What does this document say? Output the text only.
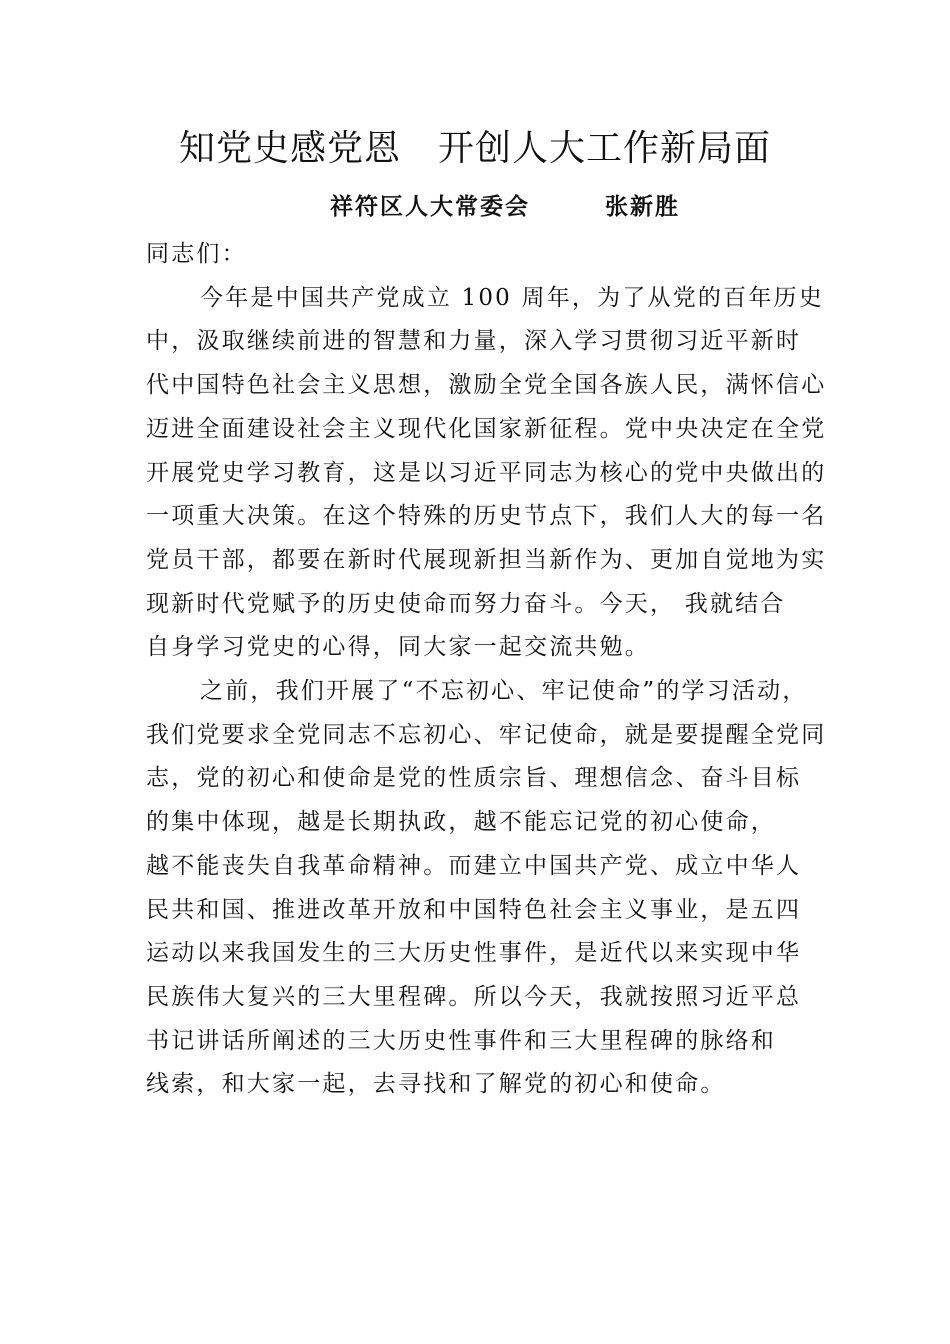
知党史感党恩　开创人大工作新局面
祥符区人大常委会　　　张新胜
同志们：
今年是中国共产党成立 100 周年，为了从党的百年历史
中，汲取继续前进的智慧和力量，深入学习贯彻习近平新时
代中国特色社会主义思想，激励全党全国各族人民，满怀信心
迈进全面建设社会主义现代化国家新征程。党中央决定在全党
开展党史学习教育，这是以习近平同志为核心的党中央做出的
一项重大决策。在这个特殊的历史节点下，我们人大的每一名
党员干部，都要在新时代展现新担当新作为、更加自觉地为实
现新时代党赋予的历史使命而努力奋斗。今天， 我就结合
自身学习党史的心得，同大家一起交流共勉。
之前，我们开展了“不忘初心、牢记使命”的学习活动，
我们党要求全党同志不忘初心、牢记使命，就是要提醒全党同
志，党的初心和使命是党的性质宗旨、理想信念、奋斗目标
的集中体现，越是长期执政，越不能忘记党的初心使命，
越不能丧失自我革命精神。而建立中国共产党、成立中华人
民共和国、推进改革开放和中国特色社会主义事业，是五四
运动以来我国发生的三大历史性事件，是近代以来实现中华
民族伟大复兴的三大里程碑。所以今天，我就按照习近平总
书记讲话所阐述的三大历史性事件和三大里程碑的脉络和
线索，和大家一起，去寻找和了解党的初心和使命。
